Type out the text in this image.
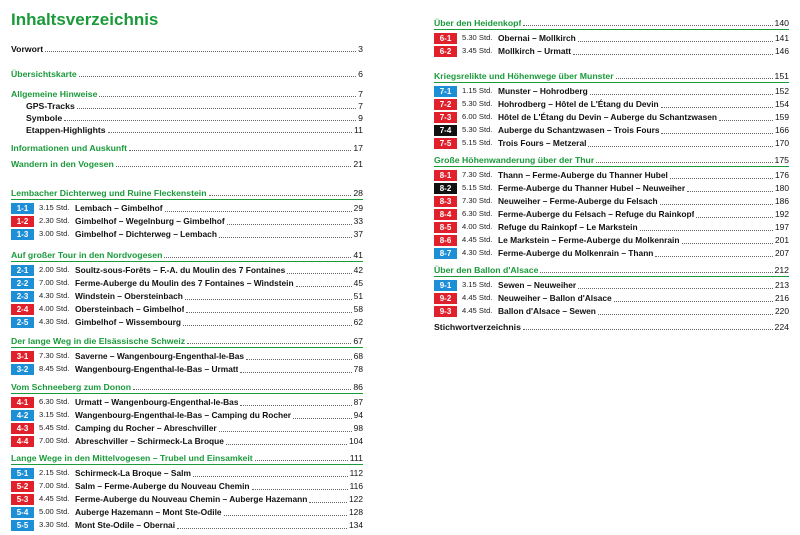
Inhaltsverzeichnis
Vorwort	3
Übersichtskarte	6
Allgemeine Hinweise	7
GPS-Tracks	7
Symbole	9
Etappen-Highlights	11
Informationen und Auskunft	17
Wandern in den Vogesen	21
Lembacher Dichterweg und Ruine Fleckenstein	28
1-1	3.15 Std. Lembach – Gimbelhof	29
1-2	2.30 Std. Gimbelhof – Wegelnburg – Gimbelhof	33
1-3	3.00 Std. Gimbelhof – Dichterweg – Lembach	37
Auf großer Tour in den Nordvogesen	41
2-1	2.00 Std. Soultz-sous-Forêts – F.-A. du Moulin des 7 Fontaines	42
2-2	7.00 Std. Ferme-Auberge du Moulin des 7 Fontaines – Windstein	45
2-3	4.30 Std. Windstein – Obersteinbach	51
2-4	4.00 Std. Obersteinbach – Gimbelhof	58
2-5	4.30 Std. Gimbelhof – Wissembourg	62
Der lange Weg in die Elsässische Schweiz	67
3-1	7.30 Std. Saverne – Wangenbourg-Engenthal-le-Bas	68
3-2	8.45 Std. Wangenbourg-Engenthal-le-Bas – Urmatt	78
Vom Schneeberg zum Donon	86
4-1	6.30 Std. Urmatt – Wangenbourg-Engenthal-le-Bas	87
4-2	3.15 Std. Wangenbourg-Engenthal-le-Bas – Camping du Rocher	94
4-3	5.45 Std. Camping du Rocher – Abreschviller	98
4-4	7.00 Std. Abreschviller – Schirmeck-La Broque	104
Lange Wege in den Mittelvogesen – Trubel und Einsamkeit	111
5-1	2.15 Std. Schirmeck-La Broque – Salm	112
5-2	7.00 Std. Salm – Ferme-Auberge du Nouveau Chemin	116
5-3	4.45 Std. Ferme-Auberge du Nouveau Chemin – Auberge Hazemann	122
5-4	5.00 Std. Auberge Hazemann – Mont Ste-Odile	128
5-5	3.30 Std. Mont Ste-Odile – Obernai	134
Über den Heidenkopf	140
6-1	5.30 Std. Obernai – Mollkirch	141
6-2	3.45 Std. Mollkirch – Urmatt	146
Kriegsrelikte und Höhenwege über Munster	151
7-1	1.15 Std. Munster – Hohrodberg	152
7-2	5.30 Std. Hohrodberg – Hôtel de L'Étang du Devin	154
7-3	6.00 Std. Hôtel de L'Étang du Devin – Auberge du Schantzwasen	159
7-4	5.30 Std. Auberge du Schantzwasen – Trois Fours	166
7-5	5.15 Std. Trois Fours – Metzeral	170
Große Höhenwanderung über der Thur	175
8-1	7.30 Std. Thann – Ferme-Auberge du Thanner Hubel	176
8-2	5.15 Std. Ferme-Auberge du Thanner Hubel – Neuweiher	180
8-3	7.30 Std. Neuweiher – Ferme-Auberge du Felsach	186
8-4	6.30 Std. Ferme-Auberge du Felsach – Refuge du Rainkopf	192
8-5	4.00 Std. Refuge du Rainkopf – Le Markstein	197
8-6	4.45 Std. Le Markstein – Ferme-Auberge du Molkenrain	201
8-7	4.30 Std. Ferme-Auberge du Molkenrain – Thann	207
Über den Ballon d'Alsace	212
9-1	3.15 Std. Sewen – Neuweiher	213
9-2	4.45 Std. Neuweiher – Ballon d'Alsace	216
9-3	4.45 Std. Ballon d'Alsace – Sewen	220
Stichwortverzeichnis	224
